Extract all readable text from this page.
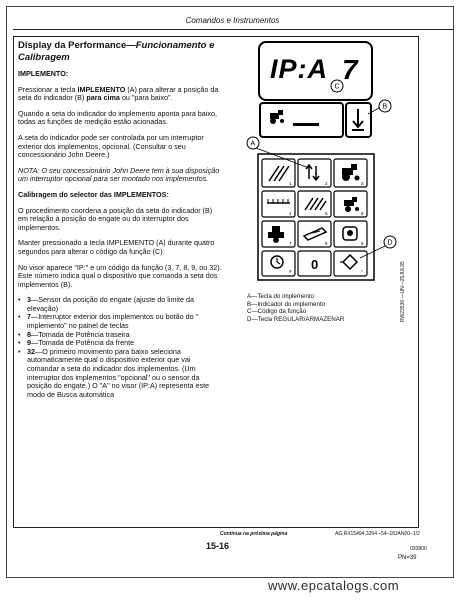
Comandos e Instrumentos
Display da Performance—Funcionamento e Calibragem

IMPLEMENTO:

Pressionar a tecla IMPLEMENTO (A) para alterar a posição da seta do indicador (B) para cima ou "para baixo".

Quando a seta do indicador do implemento aponta para baixo, todas as funções de medição estão acionadas.

A seta do indicador pode ser controlada por um interruptor exterior dos implementos, opcional. (Consultar o seu concessionário John Deere.)

NOTA: O seu concessionário John Deere tem à sua disposição um interruptor opcional para ser montado nos implementos.

Calibragem do selector das IMPLEMENTOS:

O procedimento coordena a posição da seta do indicador (B) em relação à posição do engate ou do interruptor dos implementos.

Manter pressionado a tecla IMPLEMENTO (A) durante quatro segundos para alterar o código da função (C).

No visor aparece "IP:" e um código da função (3, 7, 8, 9, ou 32). Este número indica qual o dispositivo que comanda a seta dos implementos (B).

• 3—Sensor da posição do engate (ajuste do limite da elevação)
• 7—Interruptor exterior dos implementos ou botão do " implemento" no painel de teclas
• 8—Tomada de Potência traseira
• 9—Tomada de Potência da frente
• 32—O primeiro movimento para baixo seleciona automaticamente qual o dispositivo exterior que vai comandar a seta do indicador dos implementos. (Um interruptor dos implementos "opcional" ou o sensor da posição do engate.) O "A" no visor (IP:A) representa este modo de Busca automática
IP:A 7
C
B
1	2	3
4	5	6
7	8	9
#	*
0
A
D
RW23536 —UN—25JUL95
A—Tecla do implemento
B—Indicador do implemento
C—Código da função
D—Tecla REGULAR/ARMAZENAR
Continua na próxima página	AG,RX15494,3264 –54–18JAN00–1/2
15-16	020800
PN=39
www.epcatalogs.com
